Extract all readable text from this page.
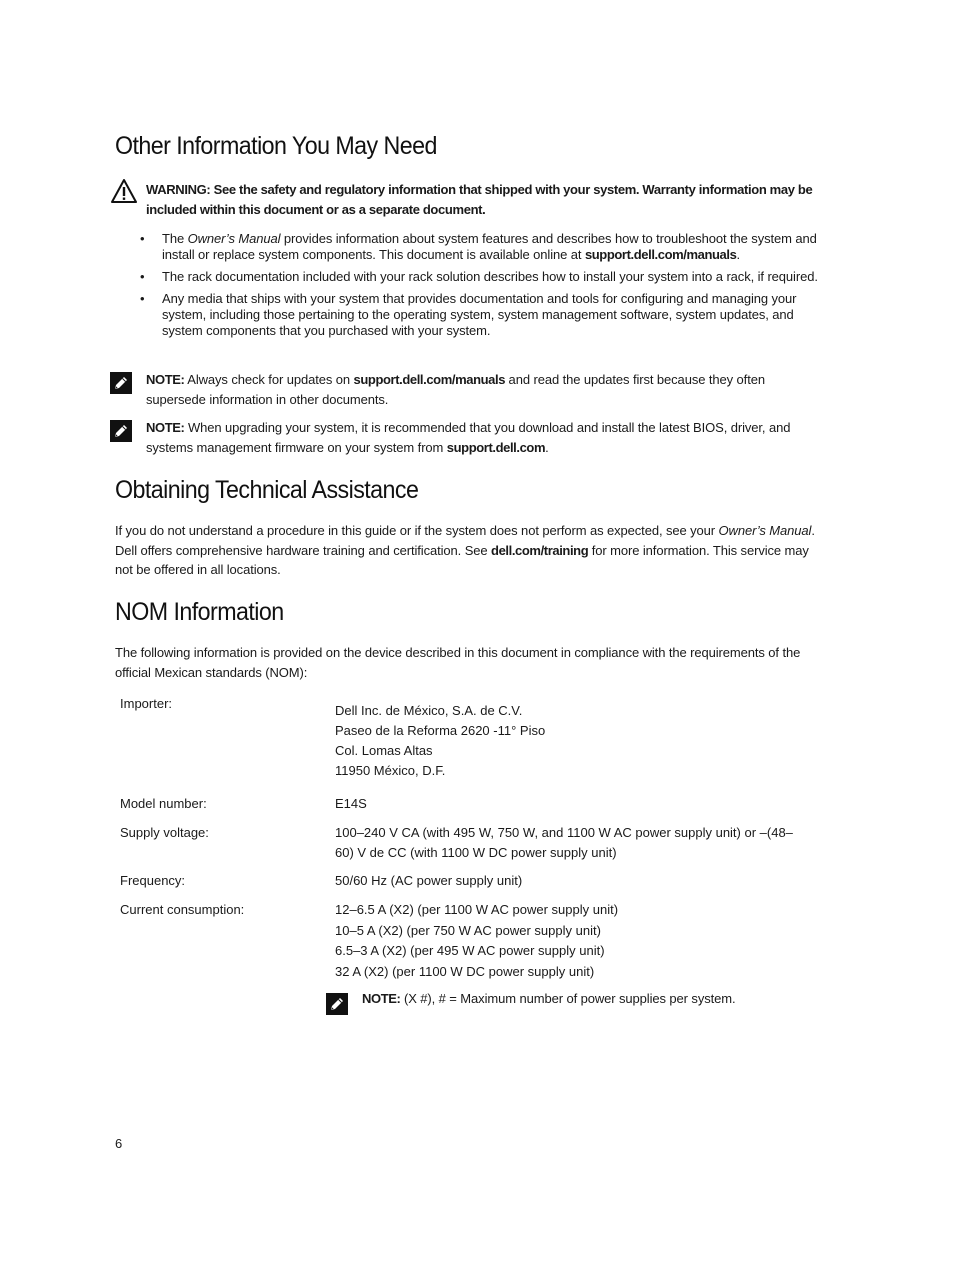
Other Information You May Need
WARNING: See the safety and regulatory information that shipped with your system. Warranty information may be included within this document or as a separate document.
• The Owner’s Manual provides information about system features and describes how to troubleshoot the system and install or replace system components. This document is available online at support.dell.com/manuals.
• The rack documentation included with your rack solution describes how to install your system into a rack, if required.
• Any media that ships with your system that provides documentation and tools for configuring and managing your system, including those pertaining to the operating system, system management software, system updates, and system components that you purchased with your system.
NOTE: Always check for updates on support.dell.com/manuals and read the updates first because they often supersede information in other documents.
NOTE: When upgrading your system, it is recommended that you download and install the latest BIOS, driver, and systems management firmware on your system from support.dell.com.
Obtaining Technical Assistance
If you do not understand a procedure in this guide or if the system does not perform as expected, see your Owner’s Manual. Dell offers comprehensive hardware training and certification. See dell.com/training for more information. This service may not be offered in all locations.
NOM Information
The following information is provided on the device described in this document in compliance with the requirements of the official Mexican standards (NOM):
Importer:	Dell Inc. de México, S.A. de C.V.
Paseo de la Reforma 2620 -11° Piso
Col. Lomas Altas
11950 México, D.F.
Model number:	E14S
Supply voltage:	100–240 V CA (with 495 W, 750 W, and 1100 W AC power supply unit) or –(48–60) V de CC (with 1100 W DC power supply unit)
Frequency:	50/60 Hz (AC power supply unit)
Current consumption:	12–6.5 A (X2) (per 1100 W AC power supply unit)
10–5 A (X2) (per 750 W AC power supply unit)
6.5–3 A (X2) (per 495 W AC power supply unit)
32 A (X2) (per 1100 W DC power supply unit)
NOTE: (X #), # = Maximum number of power supplies per system.
6
